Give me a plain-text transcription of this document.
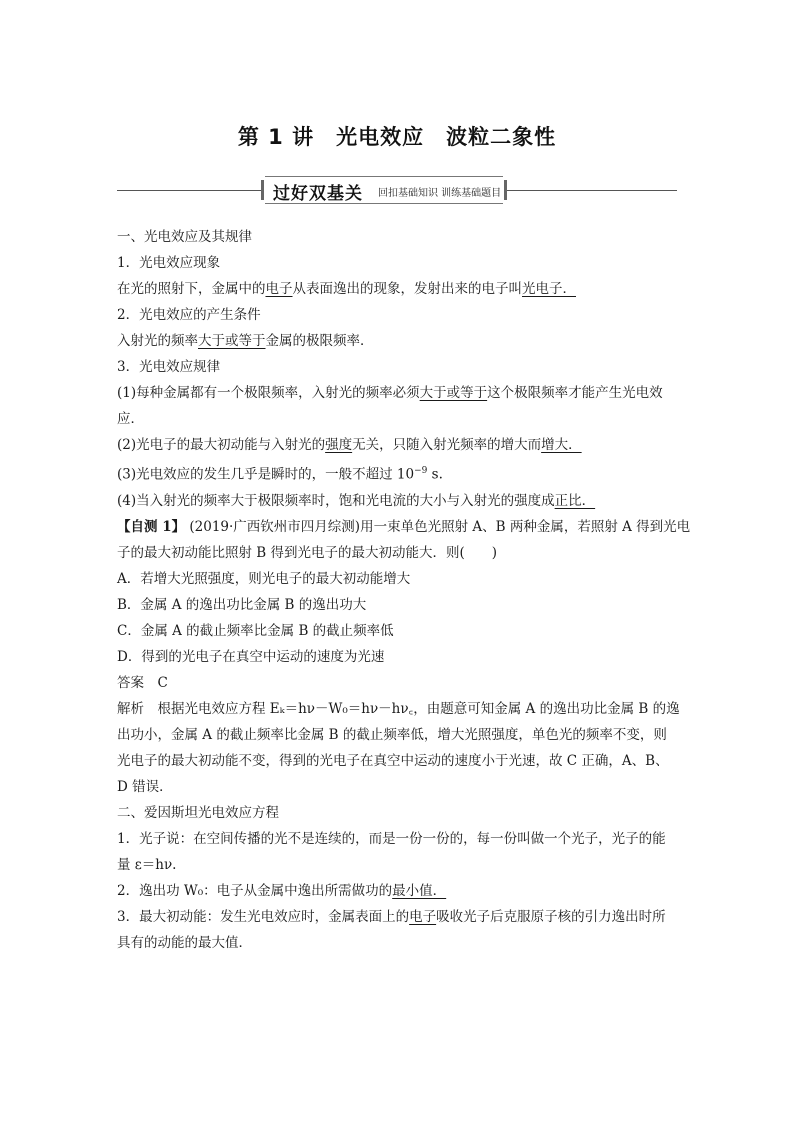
第 1 讲　光电效应　波粒二象性
过好双基关 回扣基础知识 训练基础题目
一、光电效应及其规律
1．光电效应现象
在光的照射下，金属中的电子从表面逸出的现象，发射出来的电子叫光电子．
2．光电效应的产生条件
入射光的频率大于或等于金属的极限频率．
3．光电效应规律
(1)每种金属都有一个极限频率，入射光的频率必须大于或等于这个极限频率才能产生光电效
应．
(2)光电子的最大初动能与入射光的强度无关，只随入射光频率的增大而增大．
(3)光电效应的发生几乎是瞬时的，一般不超过 $10^{-9}$ s.
(4)当入射光的频率大于极限频率时，饱和光电流的大小与入射光的强度成正比．
【自测 1】 (2019·广西钦州市四月综测)用一束单色光照射 A、B 两种金属，若照射 A 得到光电
子的最大初动能比照射 B 得到光电子的最大初动能大．则(　　)
A．若增大光照强度，则光电子的最大初动能增大
B．金属 A 的逸出功比金属 B 的逸出功大
C．金属 A 的截止频率比金属 B 的截止频率低
D．得到的光电子在真空中运动的速度为光速
答案　 C
解析　 根据光电效应方程 Eₖ＝hν－W₀＝hν－hν꜀，由题意可知金属 A 的逸出功比金属 B 的逸
出功小，金属 A 的截止频率比金属 B 的截止频率低，增大光照强度，单色光的频率不变，则
光电子的最大初动能不变，得到的光电子在真空中运动的速度小于光速，故 C 正确，A、B、
D 错误．
二、爱因斯坦光电效应方程
1．光子说：在空间传播的光不是连续的，而是一份一份的，每一份叫做一个光子，光子的能
量 ε＝hν.
2．逸出功 W₀：电子从金属中逸出所需做功的最小值．
3．最大初动能：发生光电效应时，金属表面上的电子吸收光子后克服原子核的引力逸出时所
具有的动能的最大值．
